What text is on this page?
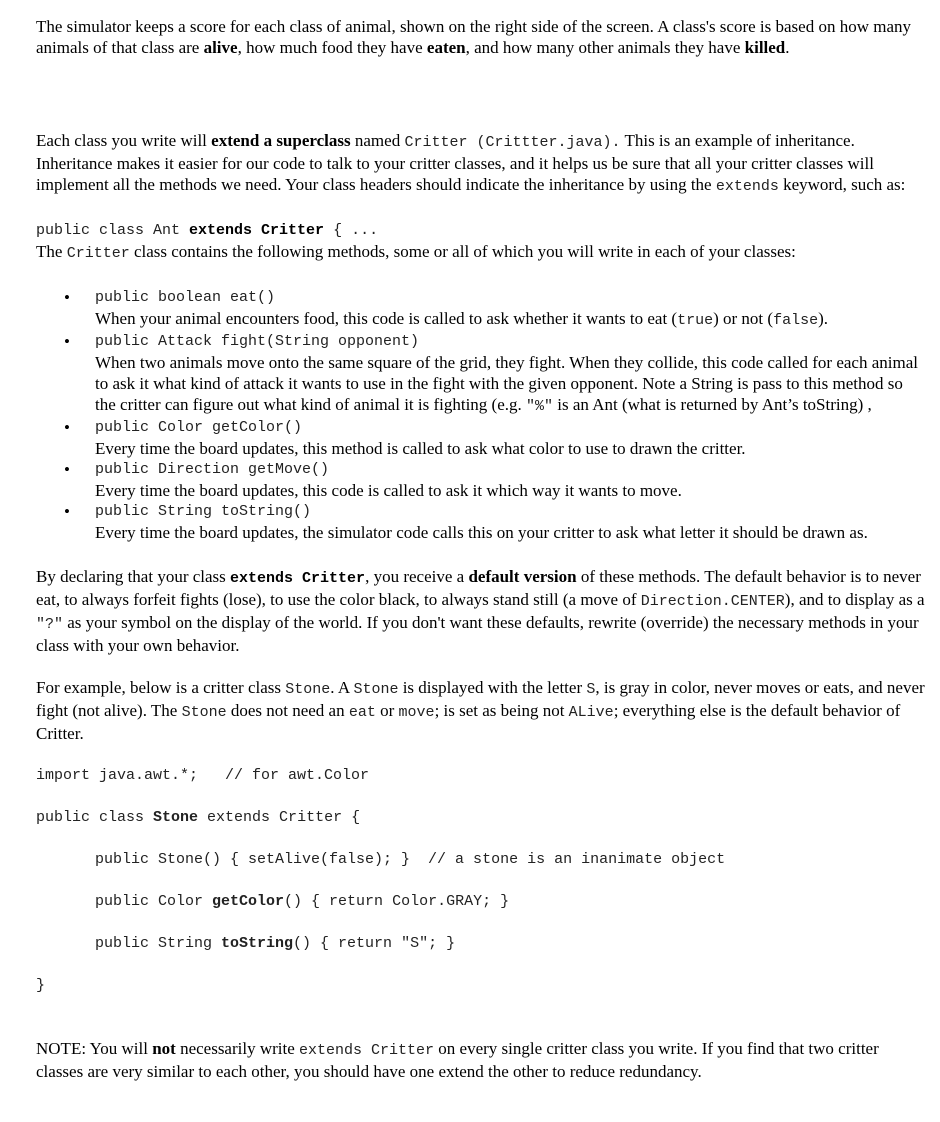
The simulator keeps a score for each class of animal, shown on the right side of the screen. A class's score is based on how many animals of that class are alive, how much food they have eaten, and how many other animals they have killed.

Each class you write will extend a superclass named Critter (Crittter.java). This is an example of inheritance. Inheritance makes it easier for our code to talk to your critter classes, and it helps us be sure that all your critter classes will implement all the methods we need. Your class headers should indicate the inheritance by using the extends keyword, such as:

public class Ant extends Critter { ...

The Critter class contains the following methods, some or all of which you will write in each of your classes:

• public boolean eat()
When your animal encounters food, this code is called to ask whether it wants to eat (true) or not (false).
• public Attack fight(String opponent)
When two animals move onto the same square of the grid, they fight. When they collide, this code called for each animal to ask it what kind of attack it wants to use in the fight with the given opponent. Note a String is pass to this method so the critter can figure out what kind of animal it is fighting (e.g. "%" is an Ant (what is returned by Ant’s toString) ,
• public Color getColor()
Every time the board updates, this method is called to ask what color to use to drawn the critter.
• public Direction getMove()
Every time the board updates, this code is called to ask it which way it wants to move.
• public String toString()
Every time the board updates, the simulator code calls this on your critter to ask what letter it should be drawn as.

By declaring that your class extends Critter, you receive a default version of these methods. The default behavior is to never eat, to always forfeit fights (lose), to use the color black, to always stand still (a move of Direction.CENTER), and to display as a "?" as your symbol on the display of the world. If you don't want these defaults, rewrite (override) the necessary methods in your class with your own behavior.

For example, below is a critter class Stone. A Stone is displayed with the letter S, is gray in color, never moves or eats, and never fight (not alive). The Stone does not need an eat or move; is set as being not ALive; everything else is the default behavior of Critter.

import java.awt.*;   // for awt.Color
public class Stone extends Critter {
public Stone() { setAlive(false); }  // a stone is an inanimate object
public Color getColor() { return Color.GRAY; }
public String toString() { return "S"; }
}

NOTE: You will not necessarily write extends Critter on every single critter class you write. If you find that two critter classes are very similar to each other, you should have one extend the other to reduce redundancy.
